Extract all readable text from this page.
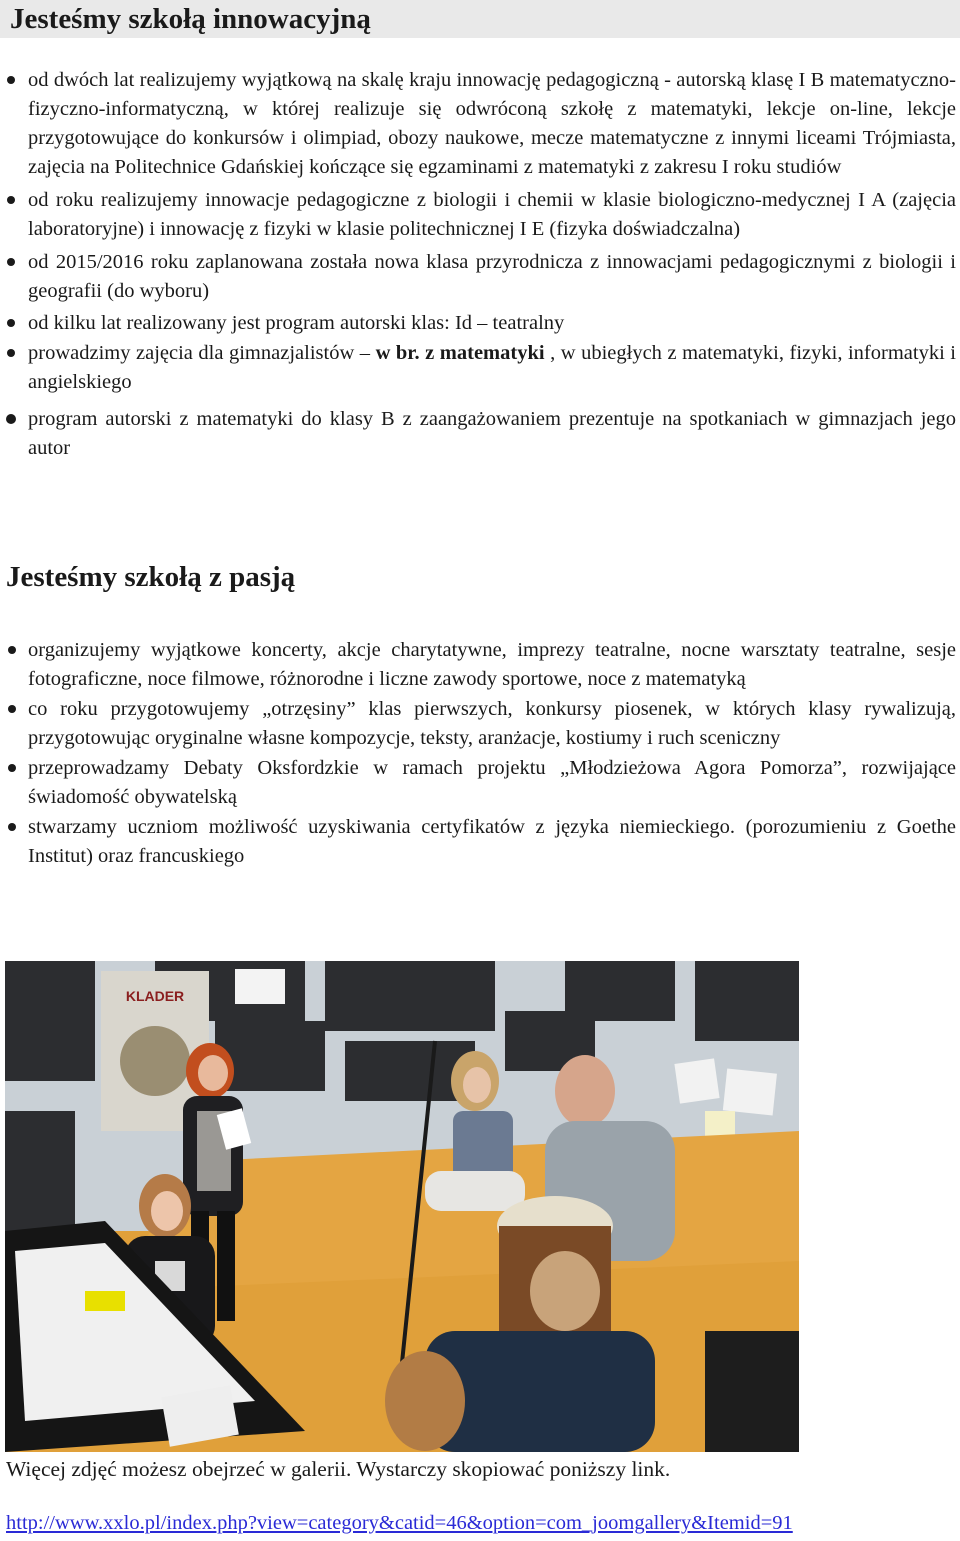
Jesteśmy szkołą innowacyjną
od dwóch lat realizujemy wyjątkową na skalę kraju innowację pedagogiczną - autorską klasę I B matematyczno-fizyczno-informatyczną, w której realizuje się odwróconą szkołę z matematyki, lekcje on-line, lekcje przygotowujące do konkursów i olimpiad, obozy naukowe, mecze matematyczne z innymi liceami Trójmiasta, zajęcia na Politechnice Gdańskiej kończące się egzaminami z matematyki z zakresu I roku studiów
od roku realizujemy innowacje pedagogiczne z biologii i chemii w klasie biologiczno-medycznej I A (zajęcia laboratoryjne) i innowację z fizyki w klasie politechnicznej I E (fizyka doświadczalna)
od 2015/2016 roku zaplanowana została nowa klasa przyrodnicza z innowacjami pedagogicznymi z biologii i geografii (do wyboru)
od kilku lat realizowany jest program autorski klas: Id – teatralny
prowadzimy zajęcia dla gimnazjalistów – w br. z matematyki , w ubiegłych z matematyki, fizyki, informatyki i angielskiego
program autorski z matematyki do klasy B z zaangażowaniem prezentuje na spotkaniach w gimnazjach jego autor
Jesteśmy szkołą z pasją
organizujemy wyjątkowe koncerty, akcje charytatywne, imprezy teatralne, nocne warsztaty teatralne, sesje fotograficzne, noce filmowe, różnorodne i liczne zawody sportowe, noce z matematyką
co roku przygotowujemy „otrzęsiny” klas pierwszych, konkursy piosenek, w których klasy rywalizują, przygotowując oryginalne własne kompozycje, teksty, aranżacje, kostiumy i ruch sceniczny
przeprowadzamy Debaty Oksfordzkie w ramach projektu „Młodzieżowa Agora Pomorza”, rozwijające świadomość obywatelską
stwarzamy uczniom możliwość uzyskiwania certyfikatów z języka niemieckiego. (porozumieniu z Goethe Institut) oraz francuskiego
KLADER

Więcej zdjęć możesz obejrzeć w galerii. Wystarczy skopiować poniższy link.

http://www.xxlo.pl/index.php?view=category&catid=46&option=com_joomgallery&Itemid=91
